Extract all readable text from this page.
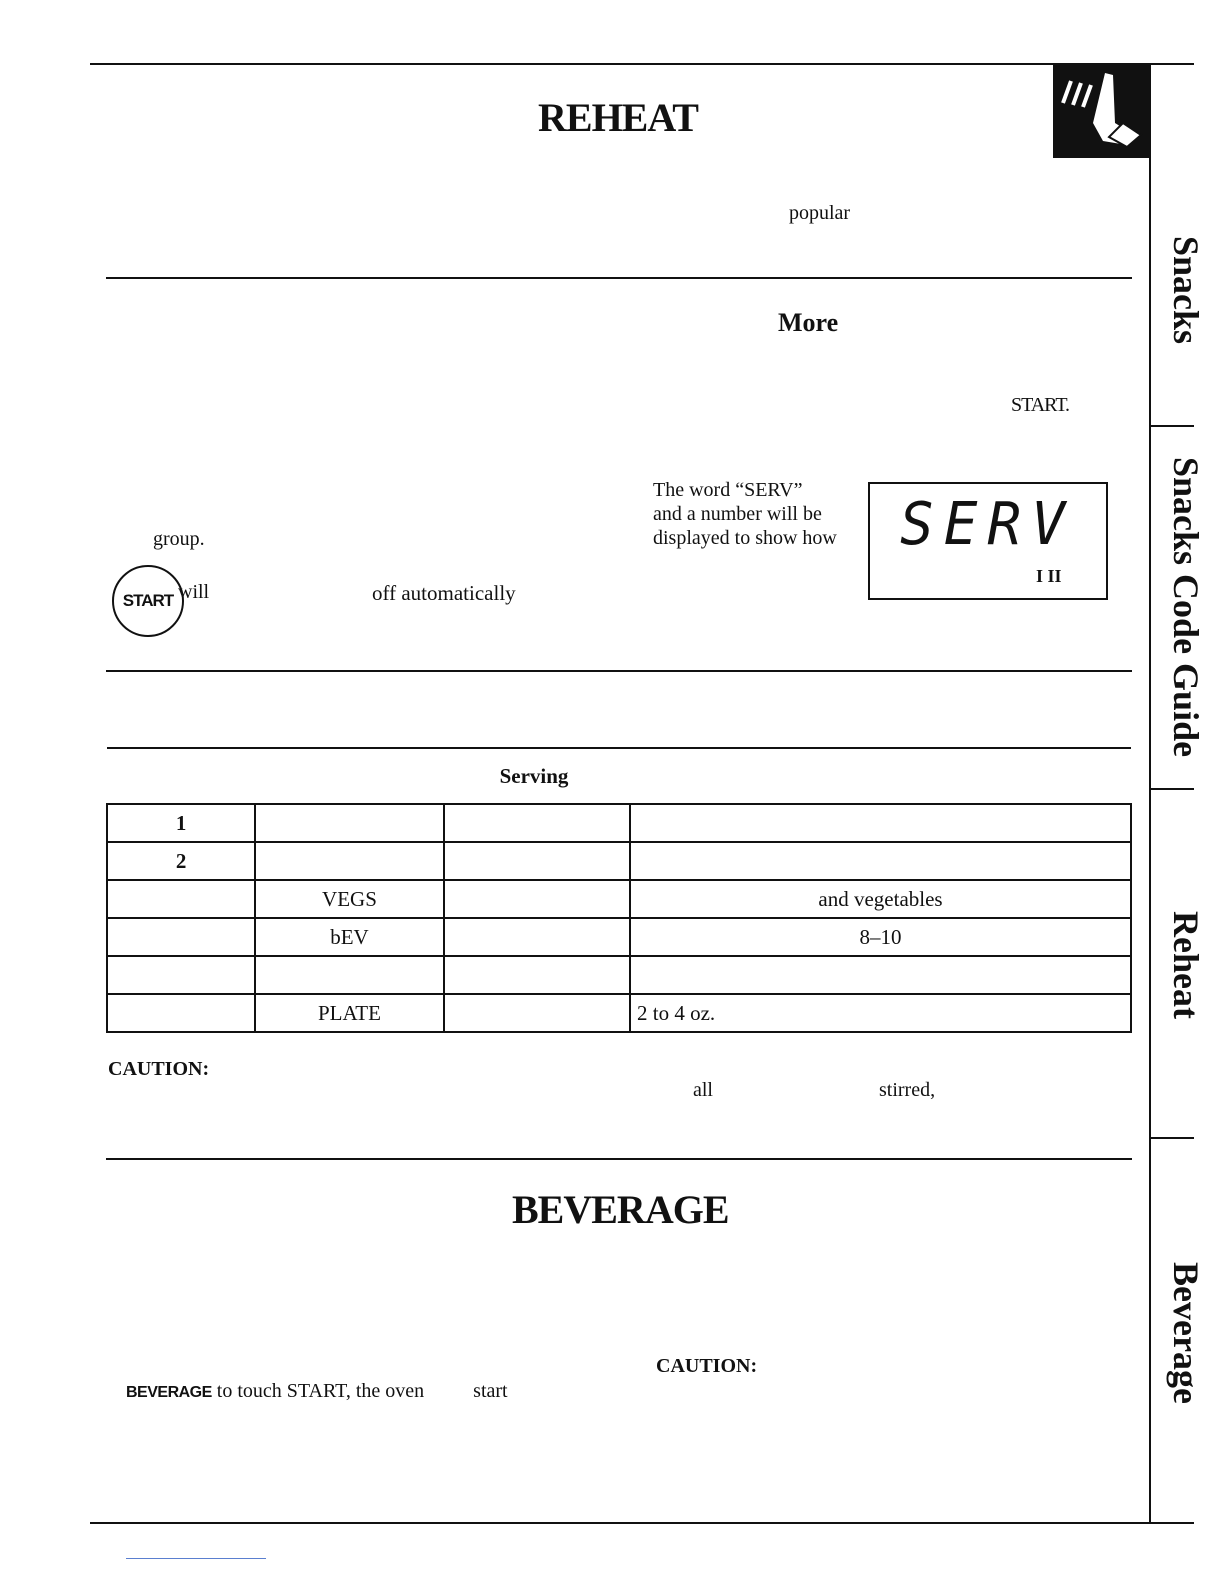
Snacks
Snacks Code Guide
Reheat
Beverage
REHEAT
popular
More
START.
The word “SERV”
and a number will be
displayed to show how
group.	SERV
I II
START will	off automatically
Serving			
1			
2			
	VEGS		and vegetables
	bEV		8–10

	PLATE		2 to 4 oz.
CAUTION:
all	stirred,
BEVERAGE
CAUTION:
BEVERAGE to touch START, the oven start
